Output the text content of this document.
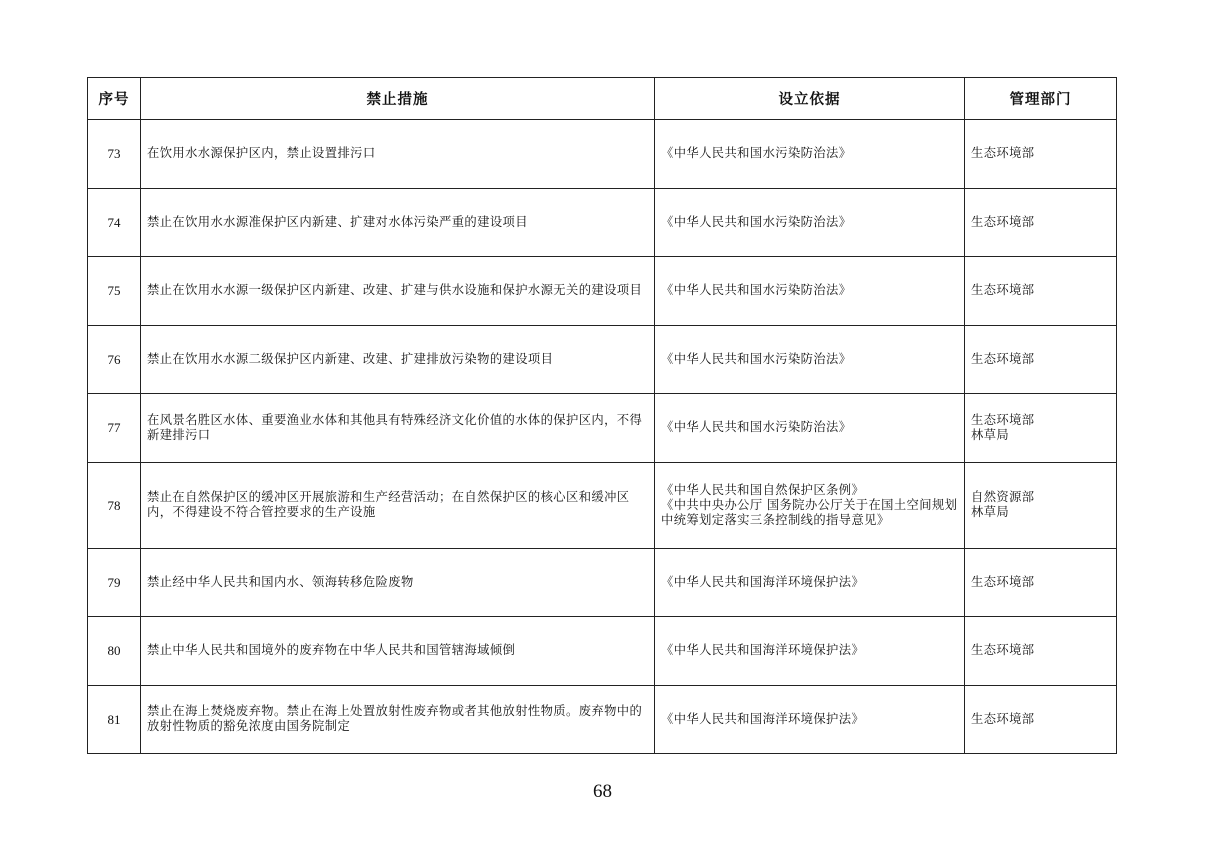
序号	禁止措施	设立依据	管理部门
73	在饮用水水源保护区内，禁止设置排污口	《中华人民共和国水污染防治法》	生态环境部

74	禁止在饮用水水源准保护区内新建、扩建对水体污染严重的建设项目	《中华人民共和国水污染防治法》	生态环境部

75	禁止在饮用水水源一级保护区内新建、改建、扩建与供水设施和保护水源无关的建设项目	《中华人民共和国水污染防治法》	生态环境部

76	禁止在饮用水水源二级保护区内新建、改建、扩建排放污染物的建设项目	《中华人民共和国水污染防治法》	生态环境部

77	在风景名胜区水体、重要渔业水体和其他具有特殊经济文化价值的水体的保护区内，不得新建排污口	《中华人民共和国水污染防治法》	生态环境部
林草局

78	禁止在自然保护区的缓冲区开展旅游和生产经营活动；在自然保护区的核心区和缓冲区内，不得建设不符合管控要求的生产设施	《中华人民共和国自然保护区条例》
《中共中央办公厅 国务院办公厅关于在国土空间规划中统筹划定落实三条控制线的指导意见》	自然资源部
林草局

79	禁止经中华人民共和国内水、领海转移危险废物	《中华人民共和国海洋环境保护法》	生态环境部

80	禁止中华人民共和国境外的废弃物在中华人民共和国管辖海域倾倒	《中华人民共和国海洋环境保护法》	生态环境部

81	禁止在海上焚烧废弃物。禁止在海上处置放射性废弃物或者其他放射性物质。废弃物中的放射性物质的豁免浓度由国务院制定	《中华人民共和国海洋环境保护法》	生态环境部
68
